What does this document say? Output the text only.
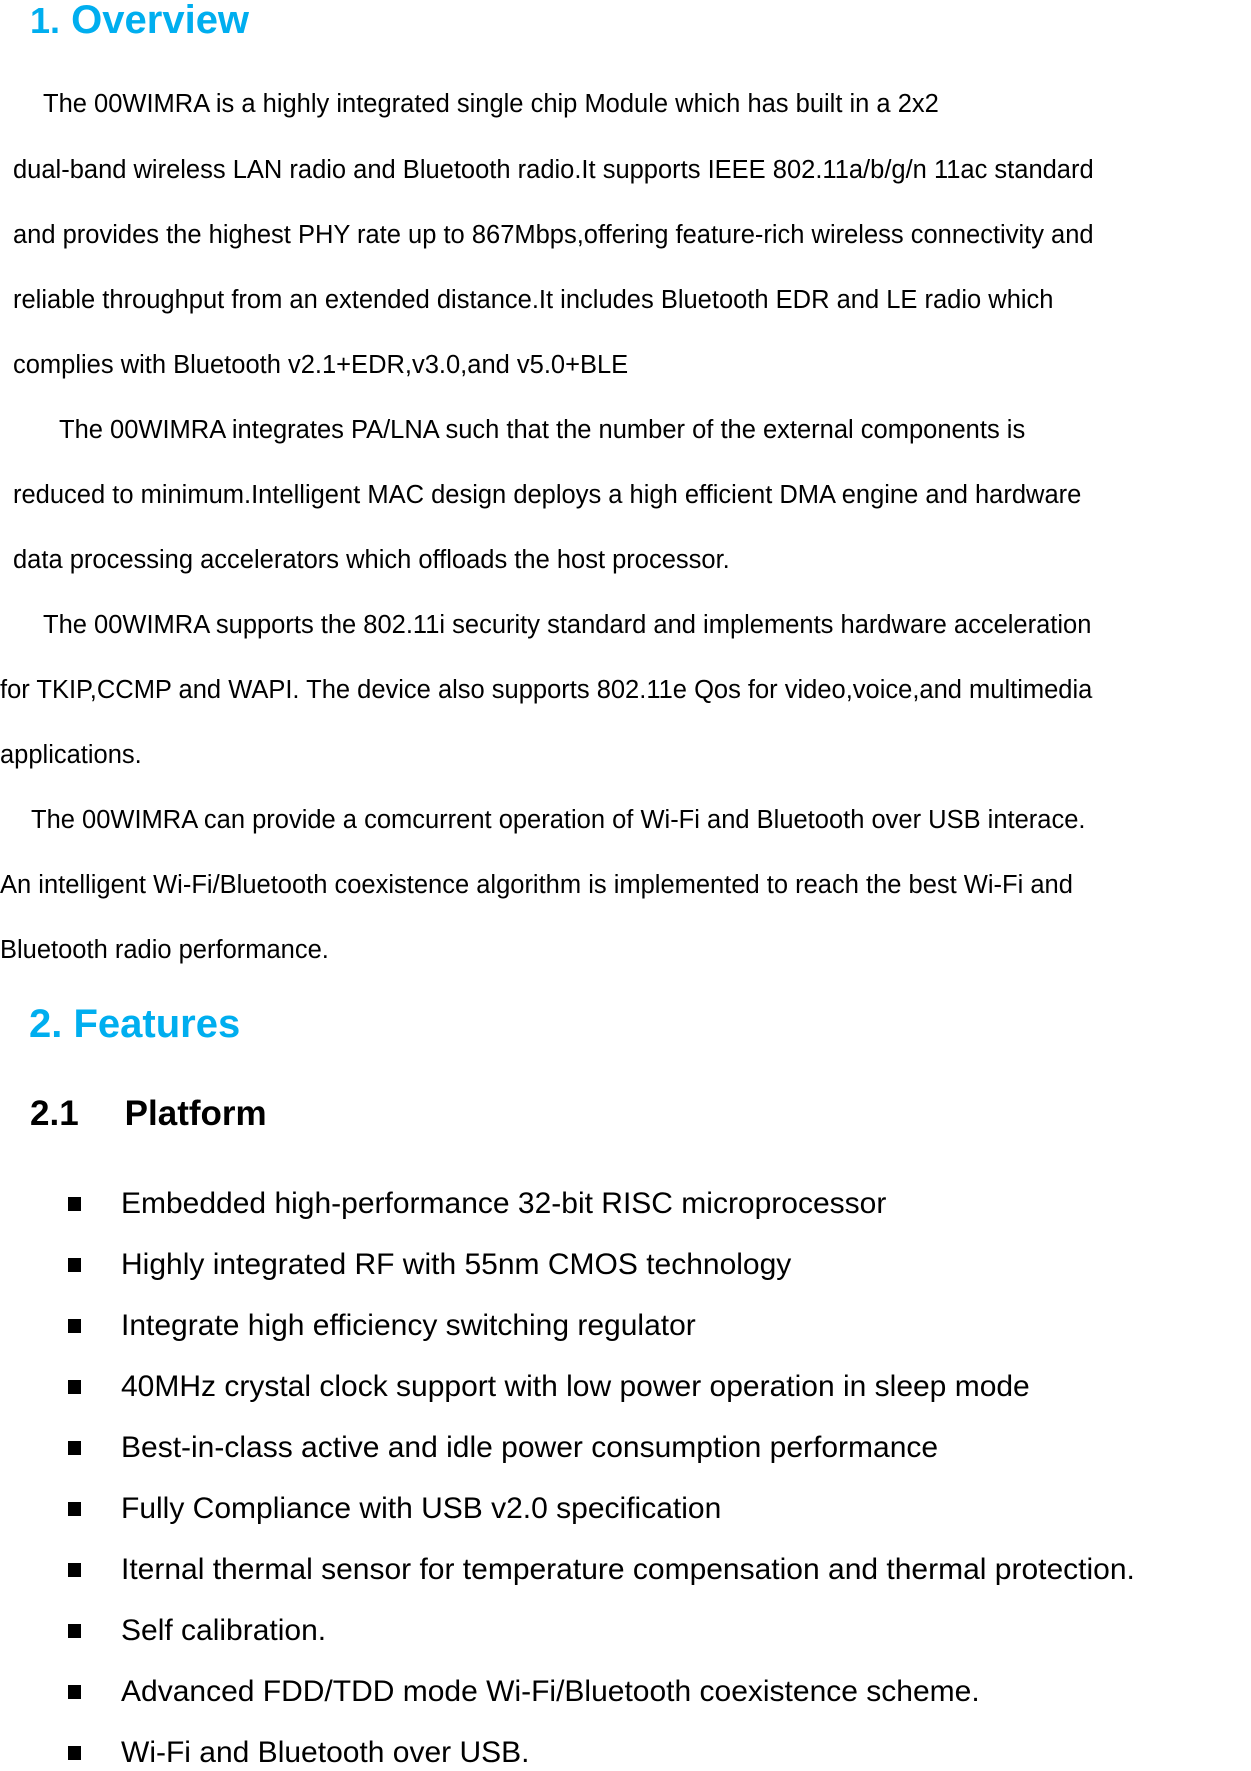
1. Overview
The 00WIMRA is a highly integrated single chip Module which has built in a 2x2
dual-band wireless LAN radio and Bluetooth radio.It supports IEEE 802.11a/b/g/n 11ac standard
and provides the highest PHY rate up to 867Mbps,offering feature-rich wireless connectivity and
reliable throughput from an extended distance.It includes Bluetooth EDR and LE radio which
complies with Bluetooth v2.1+EDR,v3.0,and v5.0+BLE
The 00WIMRA integrates PA/LNA such that the number of the external components is
reduced to minimum.Intelligent MAC design deploys a high efficient DMA engine and hardware
data processing accelerators which offloads the host processor.
The 00WIMRA supports the 802.11i security standard and implements hardware acceleration
for TKIP,CCMP and WAPI. The device also supports 802.11e Qos for video,voice,and multimedia
applications.
The 00WIMRA can provide a comcurrent operation of Wi-Fi and Bluetooth over USB interace.
An intelligent Wi-Fi/Bluetooth coexistence algorithm is implemented to reach the best Wi-Fi and
Bluetooth radio performance.
2. Features
2.1 Platform
Embedded high-performance 32-bit RISC microprocessor
Highly integrated RF with 55nm CMOS technology
Integrate high efficiency switching regulator
40MHz crystal clock support with low power operation in sleep mode
Best-in-class active and idle power consumption performance
Fully Compliance with USB v2.0 specification
Iternal thermal sensor for temperature compensation and thermal protection.
Self calibration.
Advanced FDD/TDD mode Wi-Fi/Bluetooth coexistence scheme.
Wi-Fi and Bluetooth over USB.
